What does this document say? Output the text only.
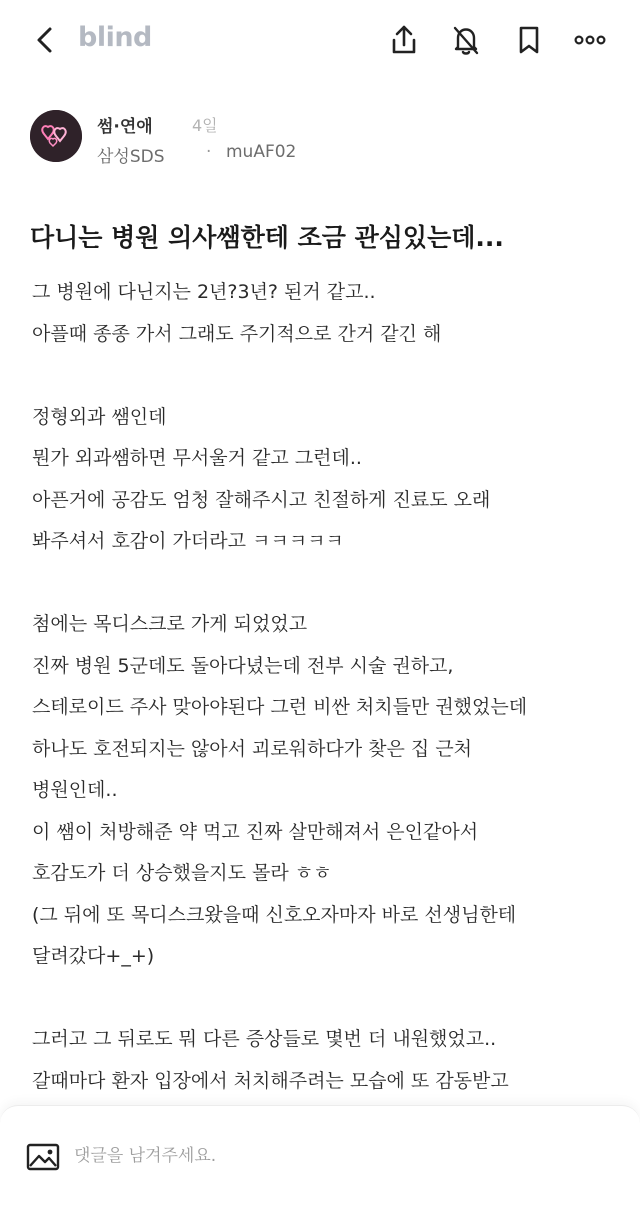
blind
썸·연애 4일
삼성SDS · muAF02
다니는 병원 의사쌤한테 조금 관심있는데...
그 병원에 다닌지는 2년?3년? 된거 같고..
아플때 종종 가서 그래도 주기적으로 간거 같긴 해
정형외과 쌤인데
뭔가 외과쌤하면 무서울거 같고 그런데..
아픈거에 공감도 엄청 잘해주시고 친절하게 진료도 오래
봐주셔서 호감이 가더라고 ㅋㅋㅋㅋㅋ
첨에는 목디스크로 가게 되었었고
진짜 병원 5군데도 돌아다녔는데 전부 시술 권하고,
스테로이드 주사 맞아야된다 그런 비싼 처치들만 권했었는데
하나도 호전되지는 않아서 괴로워하다가 찾은 집 근처
병원인데..
이 쌤이 처방해준 약 먹고 진짜 살만해져서 은인같아서
호감도가 더 상승했을지도 몰라 ㅎㅎ
(그 뒤에 또 목디스크왔을때 신호오자마자 바로 선생님한테
달려갔다+_+)
그러고 그 뒤로도 뭐 다른 증상들로 몇번 더 내원했었고..
갈때마다 환자 입장에서 처치해주려는 모습에 또 감동받고
댓글을 남겨주세요.
